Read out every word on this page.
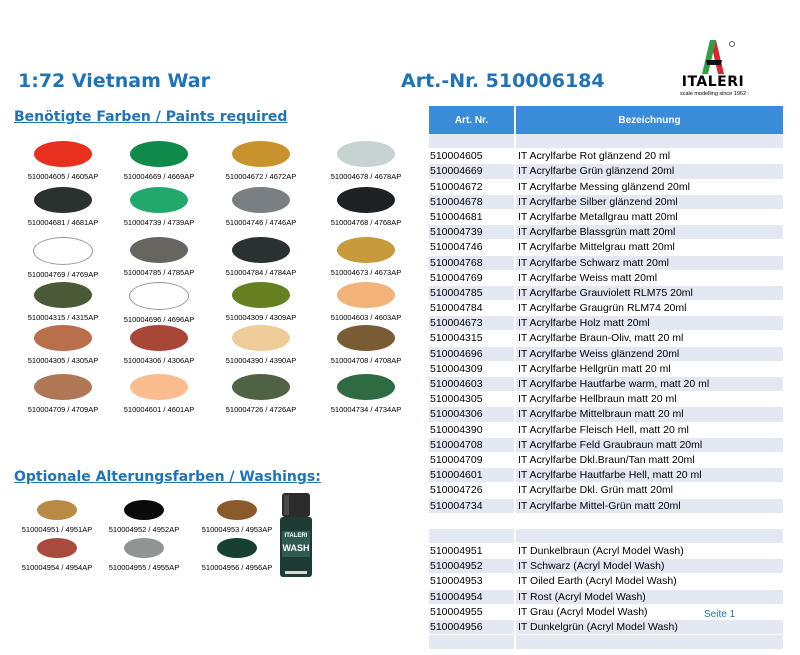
1:72 Vietnam War	Art.-Nr. 510006184	ITALERI
scale modelling since 1962
Benötigte Farben / Paints required
Optionale Alterungsfarben / Washings:
510004605 / 4605AP	510004669 / 4669AP	510004672 / 4672AP	510004678 / 4678AP
510004681 / 4681AP	510004739 / 4739AP	510004746 / 4746AP	510004768 / 4768AP
510004769 / 4769AP	510004785 / 4785AP	510004784 / 4784AP	510004673 / 4673AP
510004315 / 4315AP	510004696 / 4696AP	510004309 / 4309AP	510004603 / 4603AP
510004305 / 4305AP	510004306 / 4306AP	510004390 / 4390AP	510004708 / 4708AP
510004709 / 4709AP	510004601 / 4601AP	510004726 / 4726AP	510004734 / 4734AP
510004951 / 4951AP	510004952 / 4952AP	510004953 / 4953AP
510004954 / 4954AP	510004955 / 4955AP	510004956 / 4956AP
ITALERI
WASH
Art. Nr.	Bezeichnung
510004605	IT Acrylfarbe Rot glänzend 20 ml
510004669	IT Acrylfarbe Grün glänzend 20ml
510004672	IT Acrylfarbe Messing glänzend 20ml
510004678	IT Acrylfarbe Silber glänzend 20ml
510004681	IT Acrylfarbe Metallgrau matt 20ml
510004739	IT Acrylfarbe Blassgrün matt 20ml
510004746	IT Acrylfarbe Mittelgrau matt 20ml
510004768	IT Acrylfarbe Schwarz matt 20ml
510004769	IT Acrylfarbe Weiss matt 20ml
510004785	IT Acrylfarbe Grauviolett RLM75 20ml
510004784	IT Acrylfarbe Graugrün RLM74 20ml
510004673	IT Acrylfarbe Holz matt 20ml
510004315	IT Acrylfarbe Braun-Oliv, matt 20 ml
510004696	IT Acrylfarbe Weiss glänzend 20ml
510004309	IT Acrylfarbe Hellgrün matt 20 ml
510004603	IT Acrylfarbe Hautfarbe warm, matt 20 ml
510004305	IT Acrylfarbe Hellbraun matt 20 ml
510004306	IT Acrylfarbe Mittelbraun matt 20 ml
510004390	IT Acrylfarbe Fleisch Hell, matt 20 ml
510004708	IT Acrylfarbe Feld Graubraun matt 20ml
510004709	IT Acrylfarbe Dkl.Braun/Tan matt 20ml
510004601	IT Acrylfarbe Hautfarbe Hell, matt 20 ml
510004726	IT Acrylfarbe Dkl. Grün matt 20ml
510004734	IT Acrylfarbe Mittel-Grün matt 20ml
510004951	IT Dunkelbraun (Acryl Model Wash)
510004952	IT Schwarz (Acryl Model Wash)
510004953	IT Oiled Earth (Acryl Model Wash)
510004954	IT Rost (Acryl Model Wash)
510004955	IT Grau (Acryl Model Wash)
510004956	IT Dunkelgrün (Acryl Model Wash)
Seite 1
